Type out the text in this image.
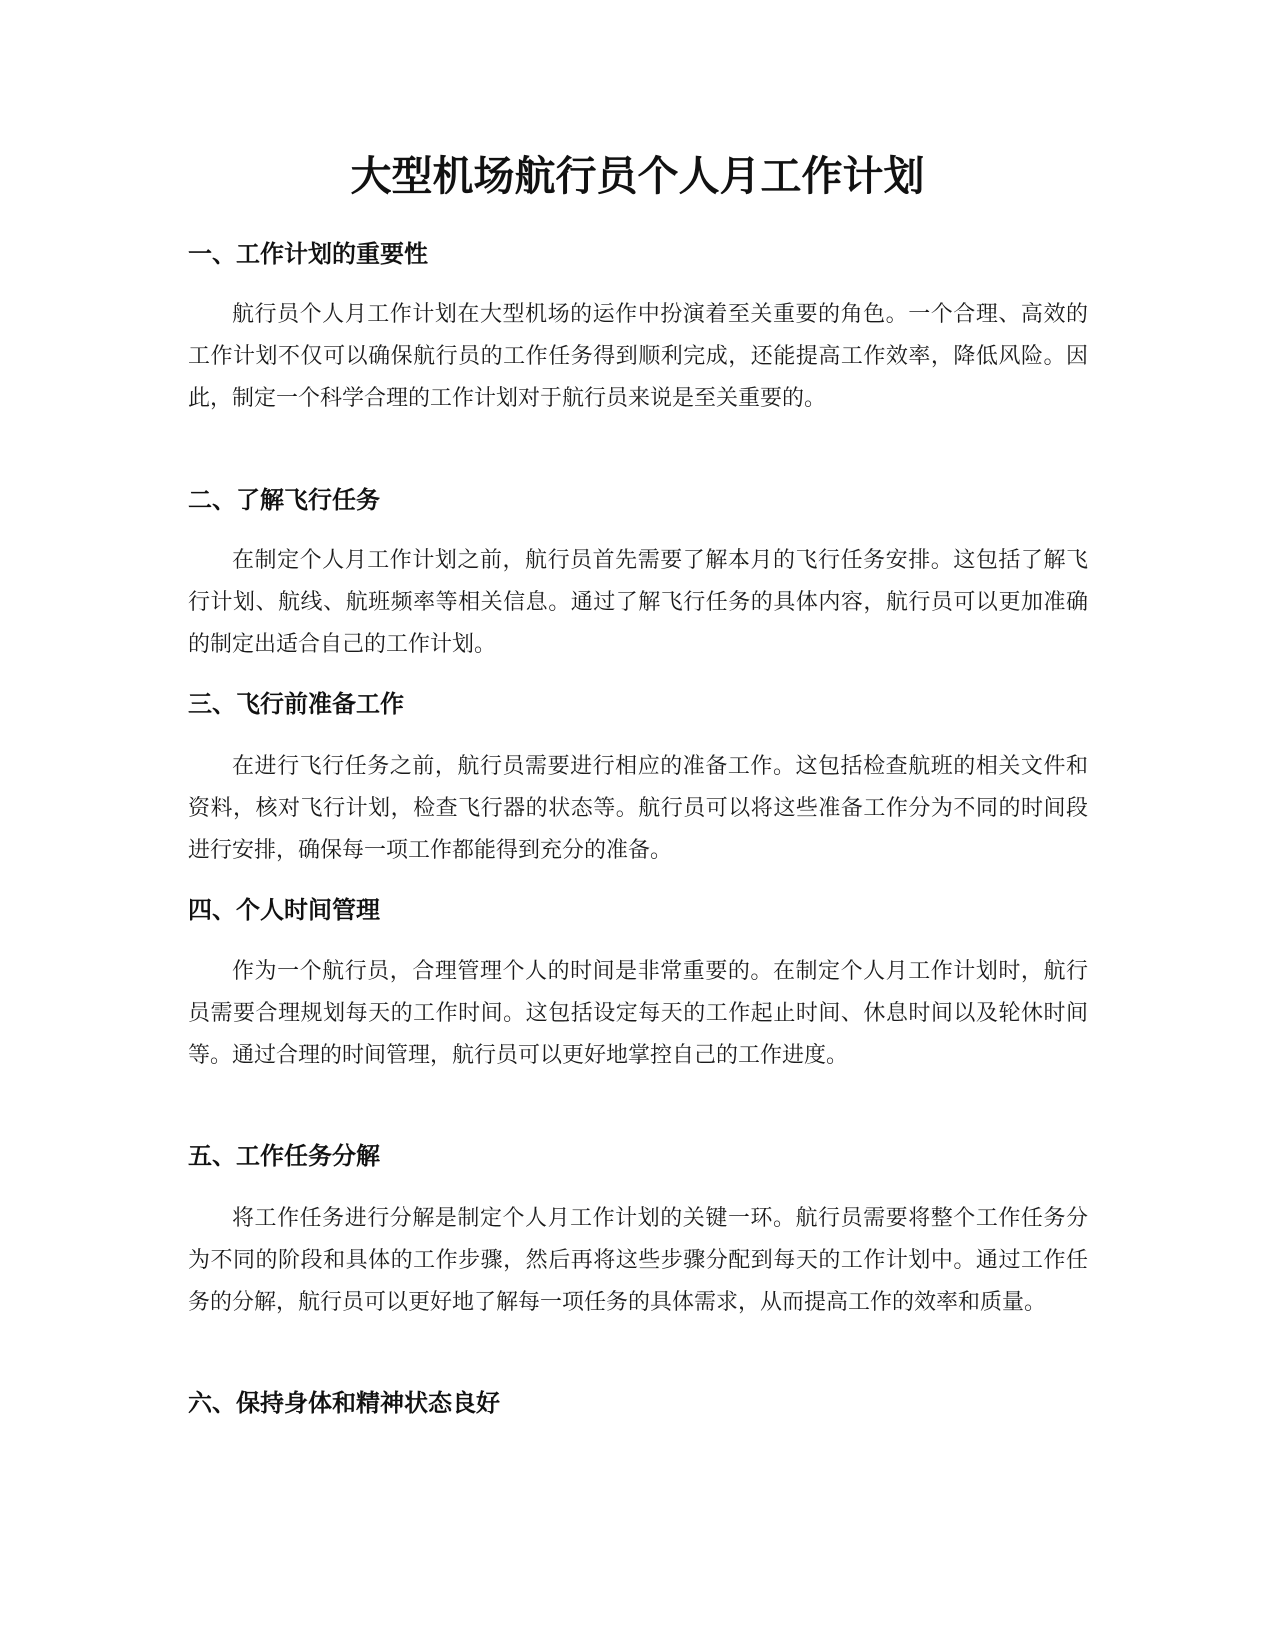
大型机场航行员个人月工作计划
一、工作计划的重要性

航行员个人月工作计划在大型机场的运作中扮演着至关重要的角色。一个合理、高效的工作计划不仅可以确保航行员的工作任务得到顺利完成，还能提高工作效率，降低风险。因此，制定一个科学合理的工作计划对于航行员来说是至关重要的。

二、了解飞行任务

在制定个人月工作计划之前，航行员首先需要了解本月的飞行任务安排。这包括了解飞行计划、航线、航班频率等相关信息。通过了解飞行任务的具体内容，航行员可以更加准确的制定出适合自己的工作计划。

三、飞行前准备工作

在进行飞行任务之前，航行员需要进行相应的准备工作。这包括检查航班的相关文件和资料，核对飞行计划，检查飞行器的状态等。航行员可以将这些准备工作分为不同的时间段进行安排，确保每一项工作都能得到充分的准备。

四、个人时间管理

作为一个航行员，合理管理个人的时间是非常重要的。在制定个人月工作计划时，航行员需要合理规划每天的工作时间。这包括设定每天的工作起止时间、休息时间以及轮休时间等。通过合理的时间管理，航行员可以更好地掌控自己的工作进度。

五、工作任务分解

将工作任务进行分解是制定个人月工作计划的关键一环。航行员需要将整个工作任务分为不同的阶段和具体的工作步骤，然后再将这些步骤分配到每天的工作计划中。通过工作任务的分解，航行员可以更好地了解每一项任务的具体需求，从而提高工作的效率和质量。

六、保持身体和精神状态良好
